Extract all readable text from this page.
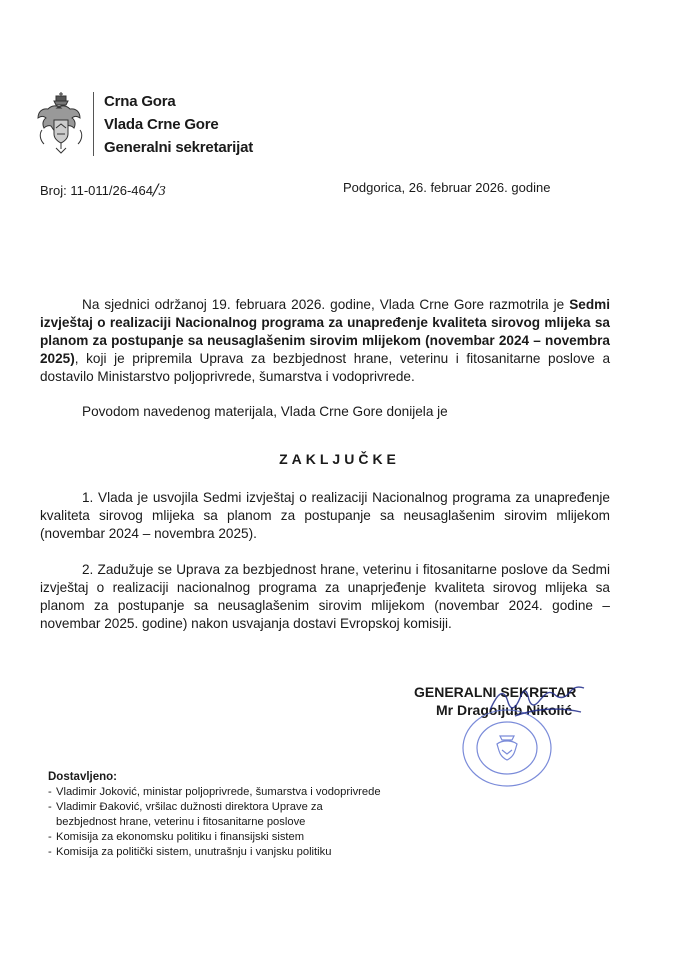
Crna Gora
Vlada Crne Gore
Generalni sekretarijat
Broj: 11-011/26-464/3	Podgorica, 26. februar 2026. godine
Na sjednici održanoj 19. februara 2026. godine, Vlada Crne Gore razmotrila je Sedmi izvještaj o realizaciji Nacionalnog programa za unapređenje kvaliteta sirovog mlijeka sa planom za postupanje sa neusaglašenim sirovim mlijekom (novembar 2024 – novembra 2025), koji je pripremila Uprava za bezbjednost hrane, veterinu i fitosanitarne poslove a dostavilo Ministarstvo poljoprivrede, šumarstva i vodoprivrede.
Povodom navedenog materijala, Vlada Crne Gore donijela je
ZAKLJUČKE
1. Vlada je usvojila Sedmi izvještaj o realizaciji Nacionalnog programa za unapređenje kvaliteta sirovog mlijeka sa planom za postupanje sa neusaglašenim sirovim mlijekom (novembar 2024 – novembra 2025).
2. Zadužuje se Uprava za bezbjednost hrane, veterinu i fitosanitarne poslove da Sedmi izvještaj o realizaciji nacionalnog programa za unaprjeđenje kvaliteta sirovog mlijeka sa planom za postupanje sa neusaglašenim sirovim mlijekom (novembar 2024. godine – novembar 2025. godine) nakon usvajanja dostavi Evropskoj komisiji.
GENERALNI SEKRETAR
Mr Dragoljub Nikolić
Dostavljeno:
- Vladimir Joković, ministar poljoprivrede, šumarstva i vodoprivrede
- Vladimir Đaković, vršilac dužnosti direktora Uprave za
bezbjednost hrane, veterinu i fitosanitarne poslove
- Komisija za ekonomsku politiku i finansijski sistem
- Komisija za politički sistem, unutrašnju i vanjsku politiku
